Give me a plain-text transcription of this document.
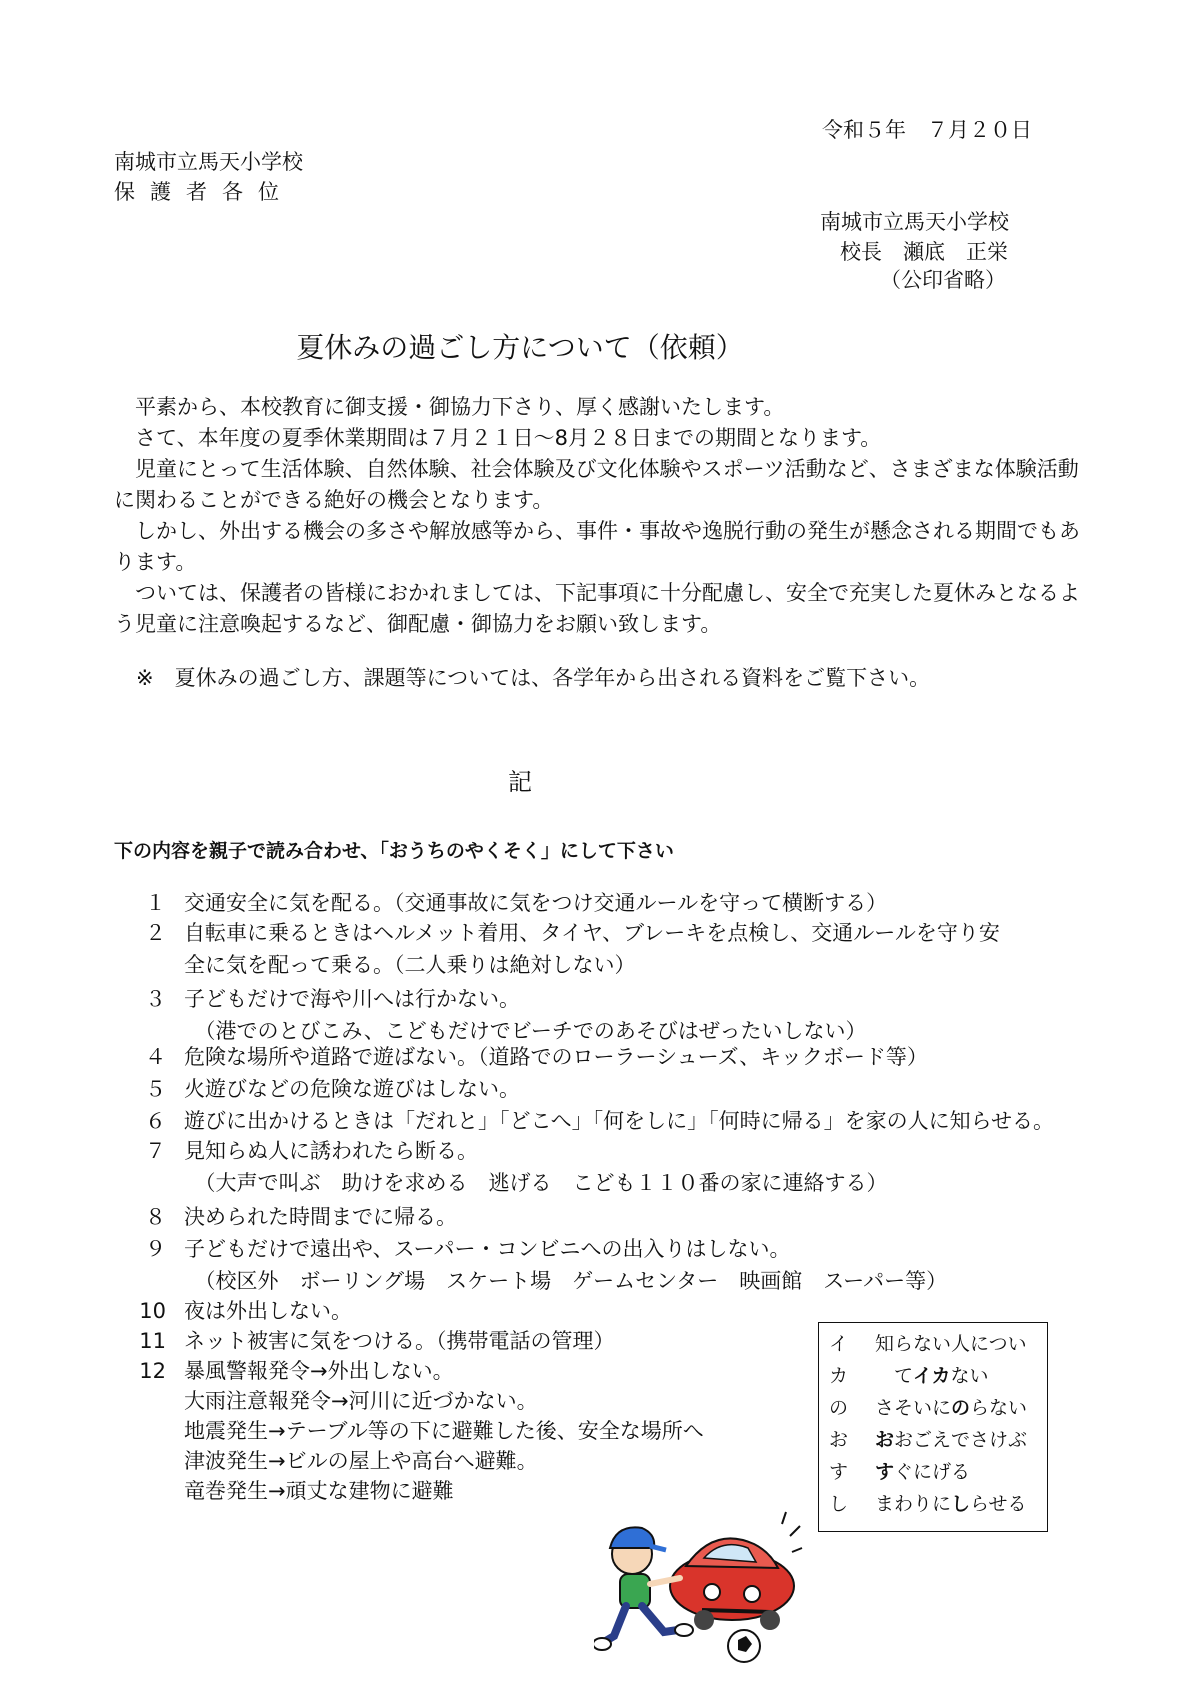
令和５年　７月２０日
南城市立馬天小学校
保護者各位
南城市立馬天小学校
校長　瀬底　正栄
（公印省略）
夏休みの過ごし方について（依頼）
　平素から、本校教育に御支援・御協力下さり、厚く感謝いたします。
　さて、本年度の夏季休業期間は７月２１日～8月２８日までの期間となります。
　児童にとって生活体験、自然体験、社会体験及び文化体験やスポーツ活動など、さまざまな体験活動に関わることができる絶好の機会となります。
　しかし、外出する機会の多さや解放感等から、事件・事故や逸脱行動の発生が懸念される期間でもあります。
　ついては、保護者の皆様におかれましては、下記事項に十分配慮し、安全で充実した夏休みとなるよう児童に注意喚起するなど、御配慮・御協力をお願い致します。
※　夏休みの過ごし方、課題等については、各学年から出される資料をご覧下さい。
記
下の内容を親子で読み合わせ、「おうちのやくそく」にして下さい
１ 交通安全に気を配る。（交通事故に気をつけ交通ルールを守って横断する）
２ 自転車に乗るときはヘルメット着用、タイヤ、ブレーキを点検し、交通ルールを守り安
全に気を配って乗る。（二人乗りは絶対しない）
３ 子どもだけで海や川へは行かない。
　（港でのとびこみ、こどもだけでビーチでのあそびはぜったいしない）
４ 危険な場所や道路で遊ばない。（道路でのローラーシューズ、キックボード等）
５ 火遊びなどの危険な遊びはしない。
６ 遊びに出かけるときは「だれと」「どこへ」「何をしに」「何時に帰る」を家の人に知らせる。
７ 見知らぬ人に誘われたら断る。
　（大声で叫ぶ　助けを求める　逃げる　こども１１０番の家に連絡する）
８ 決められた時間までに帰る。
９ 子どもだけで遠出や、スーパー・コンビニへの出入りはしない。
　（校区外　ボーリング場　スケート場　ゲームセンター　映画館　スーパー等）
10 夜は外出しない。
11 ネット被害に気をつける。（携帯電話の管理）
12 暴風警報発令→外出しない。
大雨注意報発令→河川に近づかない。
地震発生→テーブル等の下に避難した後、安全な場所へ
津波発生→ビルの屋上や高台へ避難。
竜巻発生→頑丈な建物に避難
イ 知らない人につい
カ　てイカない
の さそいにのらない
お おおごえでさけぶ
す すぐにげる
し まわりにしらせる
